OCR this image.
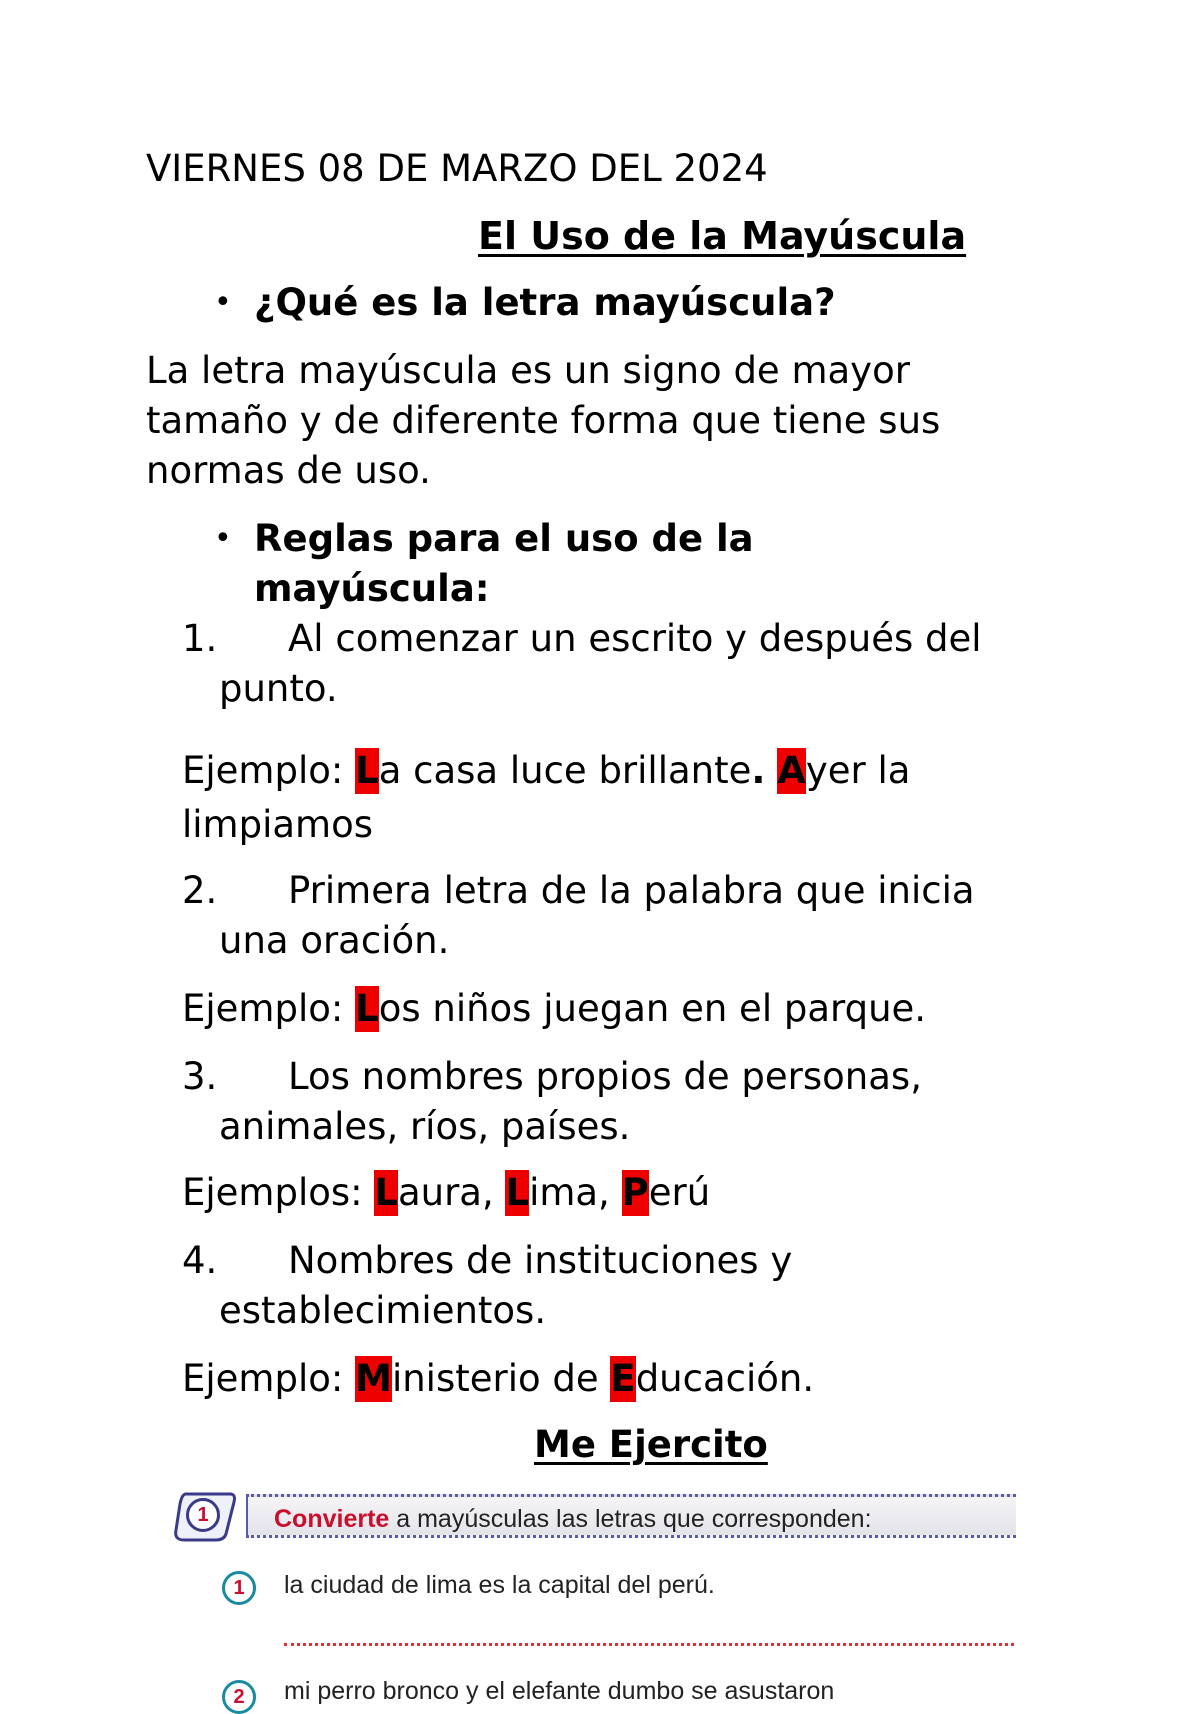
VIERNES 08 DE MARZO DEL 2024
El Uso de la Mayúscula
• ¿Qué es la letra mayúscula?
La letra mayúscula es un signo de mayor
tamaño y de diferente forma que tiene sus
normas de uso.
• Reglas para el uso de la
mayúscula:
1. Al comenzar un escrito y después del
punto.
Ejemplo: La casa luce brillante. Ayer la
limpiamos
2. Primera letra de la palabra que inicia
una oración.
Ejemplo: Los niños juegan en el parque.
3. Los nombres propios de personas,
animales, ríos, países.
Ejemplos: Laura, Lima, Perú
4. Nombres de instituciones y
establecimientos.
Ejemplo: Ministerio de Educación.
Me Ejercito
1	Convierte a mayúsculas las letras que corresponden:
1	la ciudad de lima es la capital del perú.
2	mi perro bronco y el elefante dumbo se asustaron
